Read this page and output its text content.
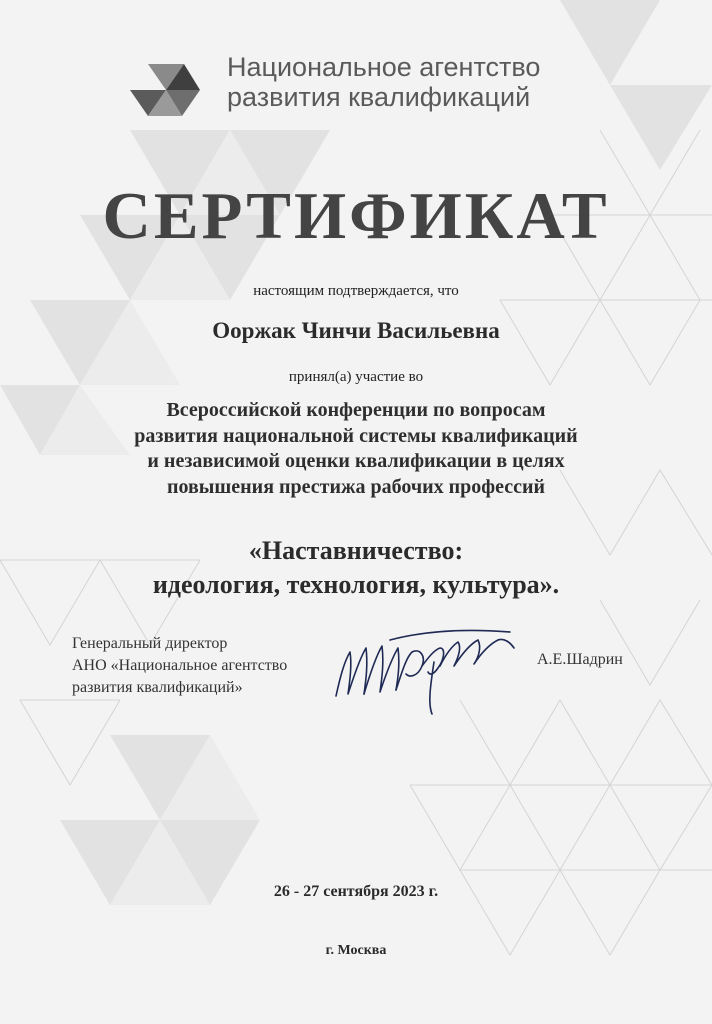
Национальное агентство
развития квалификаций
СЕРТИФИКАТ
настоящим подтверждается, что
Ооржак Чинчи Васильевна
принял(а) участие во
Всероссийской конференции по вопросам
развития национальной системы квалификаций
и независимой оценки квалификации в целях
повышения престижа рабочих профессий
«Наставничество:
идеология, технология, культура».
Генеральный директор
АНО «Национальное агентство
развития квалификаций»
А.Е.Шадрин
26 - 27 сентября 2023 г.
г. Москва
